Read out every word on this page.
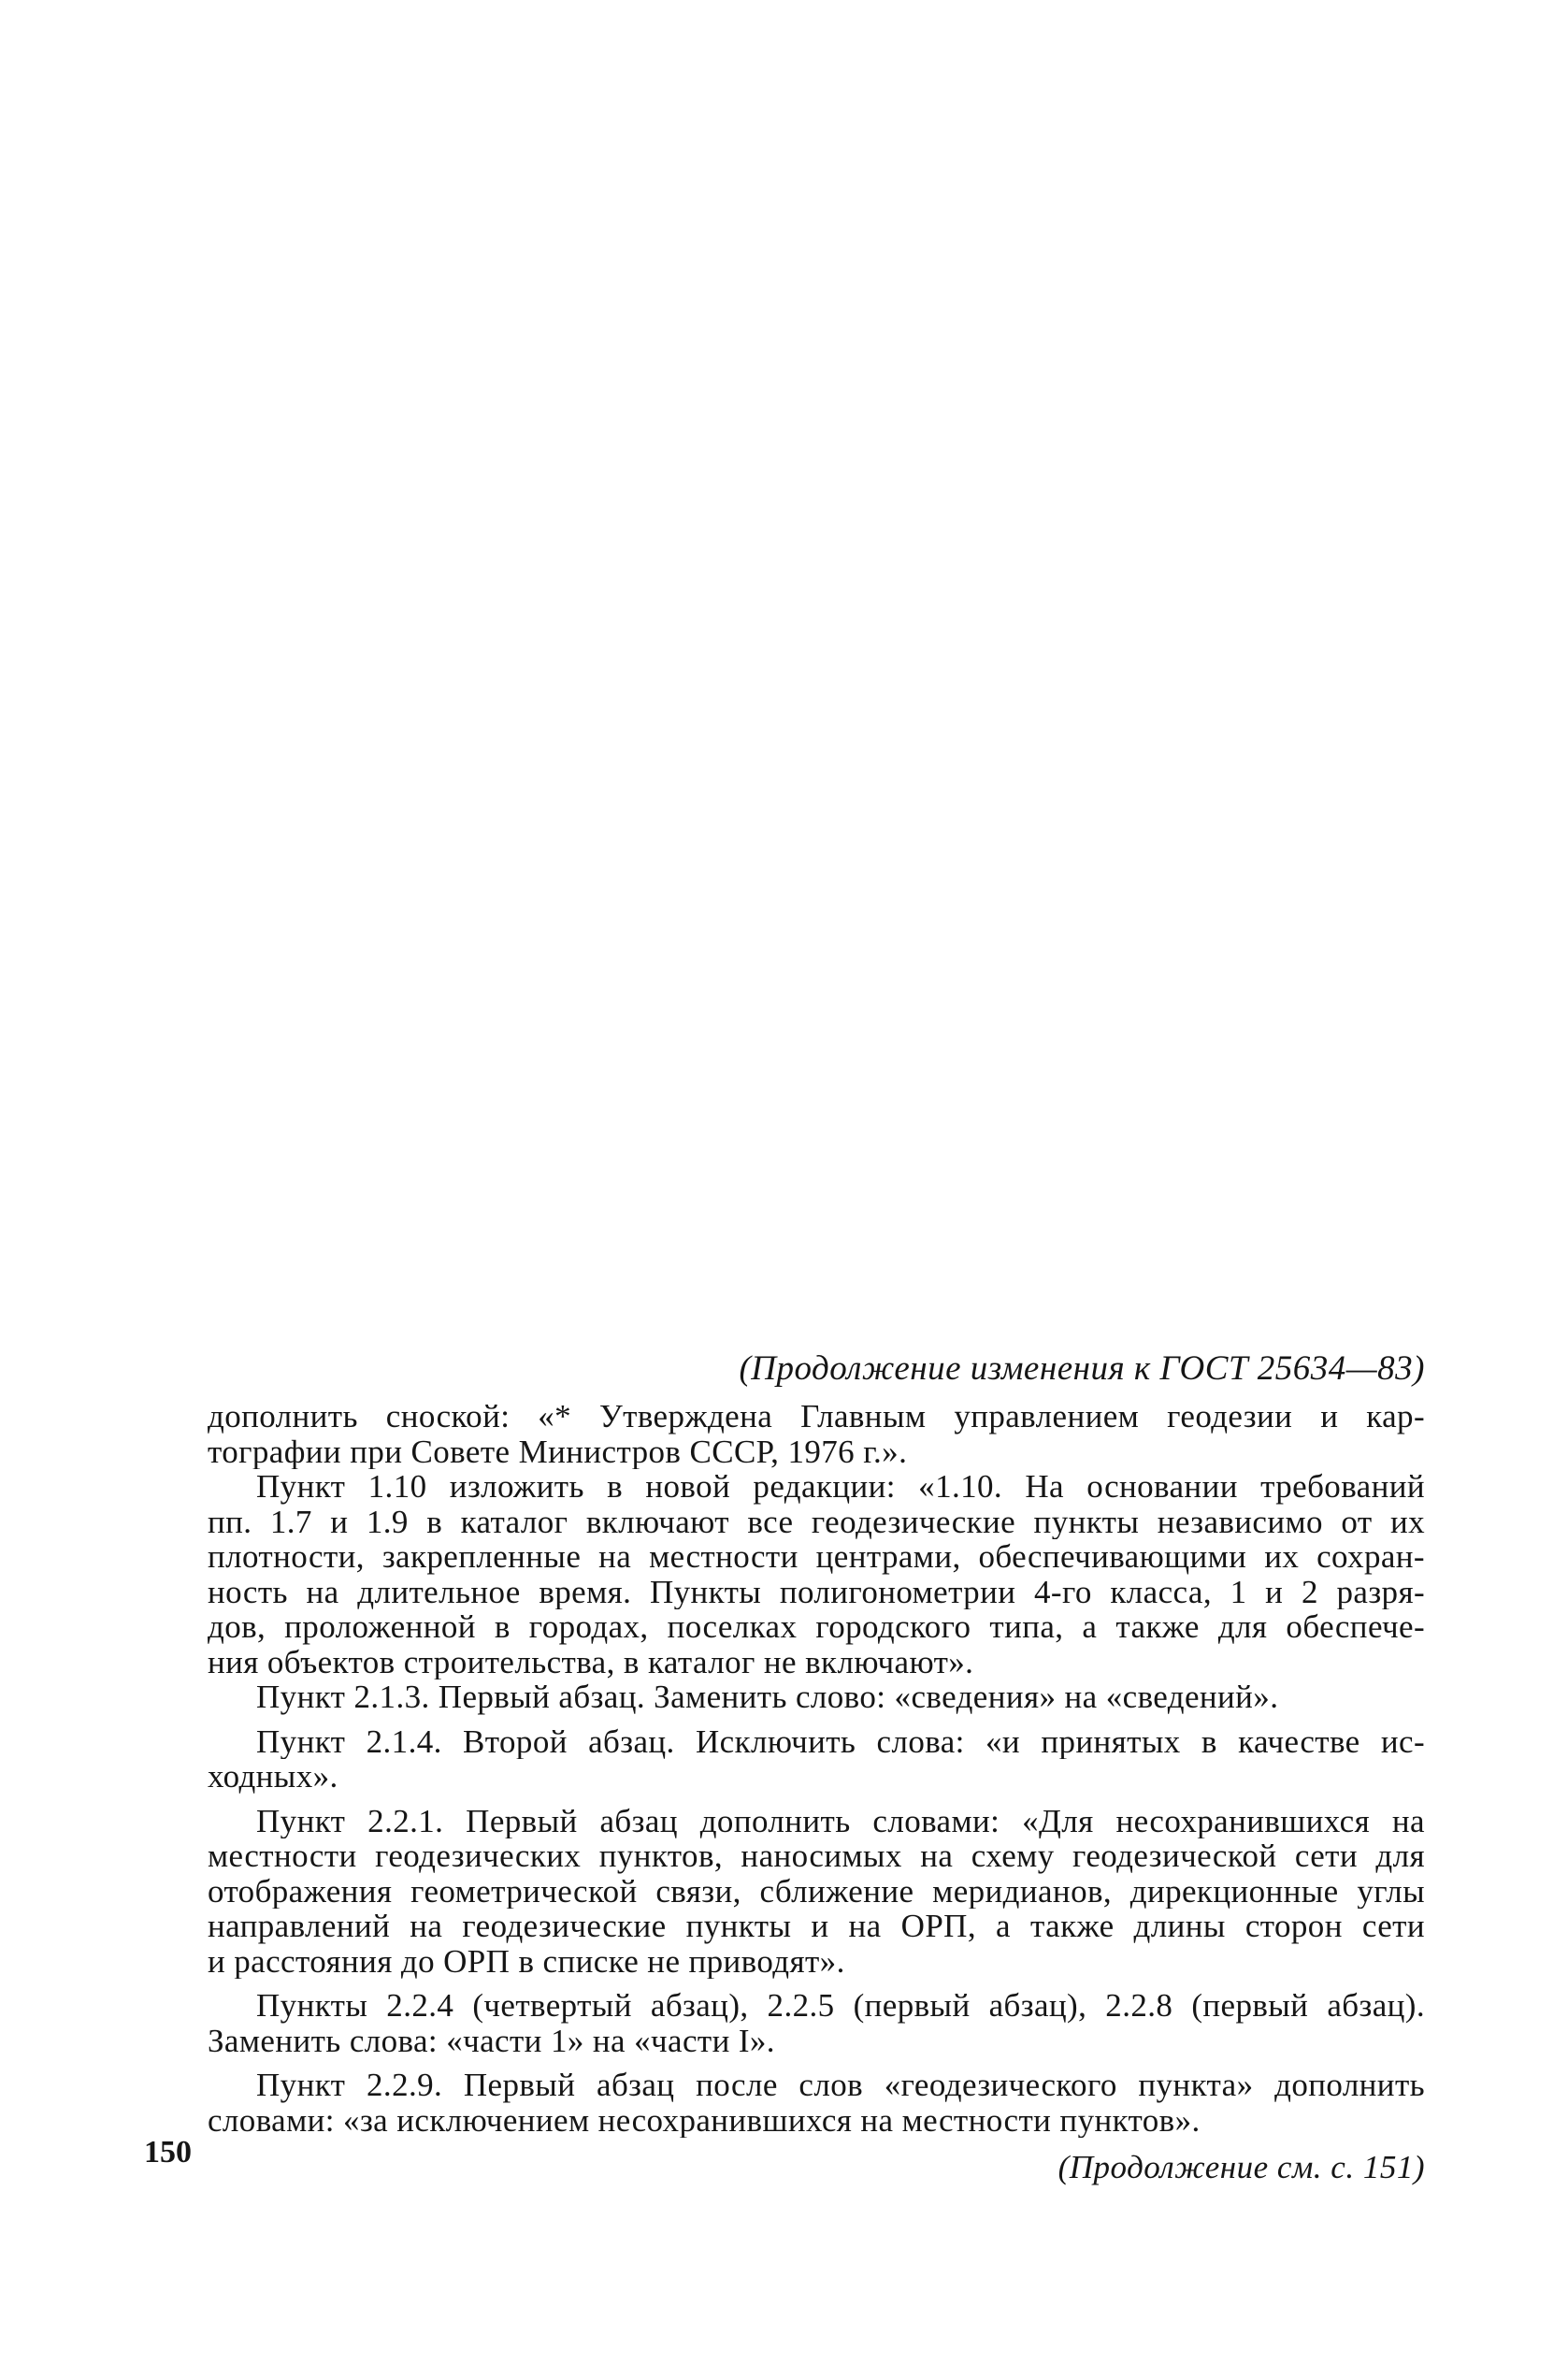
(Продолжение изменения к ГОСТ 25634—83)

дополнить сноской: «* Утверждена Главным управлением геодезии и кар-
тографии при Совете Министров СССР, 1976 г.».

Пункт 1.10 изложить в новой редакции: «1.10. На основании требований
пп. 1.7 и 1.9 в каталог включают все геодезические пункты независимо от их
плотности, закрепленные на местности центрами, обеспечивающими их сохран-
ность на длительное время. Пункты полигонометрии 4-го класса, 1 и 2 разря-
дов, проложенной в городах, поселках городского типа, а также для обеспече-
ния объектов строительства, в каталог не включают».

Пункт 2.1.3. Первый абзац. Заменить слово: «сведения» на «сведений».

Пункт 2.1.4. Второй абзац. Исключить слова: «и принятых в качестве ис-
ходных».

Пункт 2.2.1. Первый абзац дополнить словами: «Для несохранившихся на
местности геодезических пунктов, наносимых на схему геодезической сети для
отображения геометрической связи, сближение меридианов, дирекционные углы
направлений на геодезические пункты и на ОРП, а также длины сторон сети
и расстояния до ОРП в списке не приводят».

Пункты 2.2.4 (четвертый абзац), 2.2.5 (первый абзац), 2.2.8 (первый абзац).
Заменить слова: «части 1» на «части I».

Пункт 2.2.9. Первый абзац после слов «геодезического пункта» дополнить
словами: «за исключением несохранившихся на местности пунктов».

(Продолжение см. с. 151)
150
